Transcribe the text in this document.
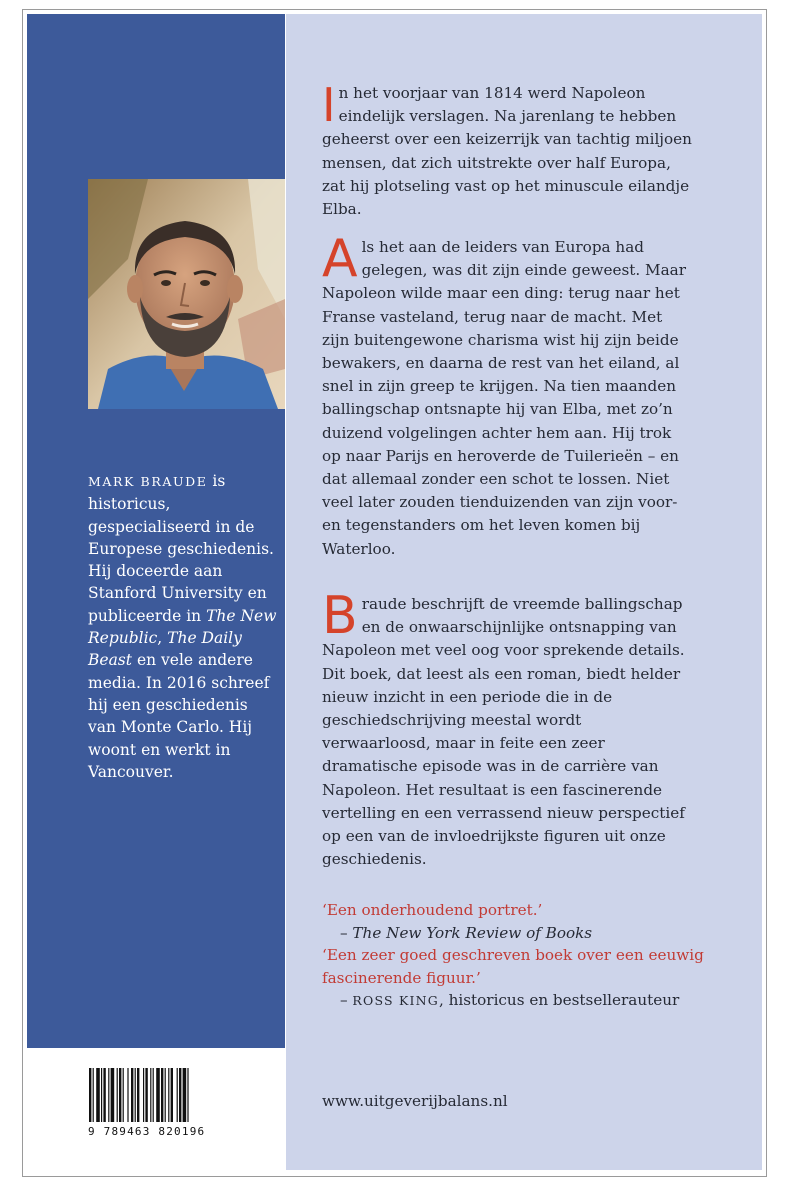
MARK BRAUDE is historicus, gespecialiseerd in de Europese geschiedenis. Hij doceerde aan Stanford University en publiceerde in The New Republic, The Daily Beast en vele andere media. In 2016 schreef hij een geschiedenis van Monte Carlo. Hij woont en werkt in Vancouver.
9 789463 820196
In het voorjaar van 1814 werd Napoleon eindelijk verslagen. Na jarenlang te hebben geheerst over een keizerrijk van tachtig miljoen mensen, dat zich uitstrekte over half Europa, zat hij plotseling vast op het minuscule eilandje Elba.
Als het aan de leiders van Europa had gelegen, was dit zijn einde geweest. Maar Napoleon wilde maar een ding: terug naar het Franse vasteland, terug naar de macht. Met zijn buitengewone charisma wist hij zijn beide bewakers, en daarna de rest van het eiland, al snel in zijn greep te krijgen. Na tien maanden ballingschap ontsnapte hij van Elba, met zo’n duizend volgelingen achter hem aan. Hij trok op naar Parijs en heroverde de Tuilerieën – en dat allemaal zonder een schot te lossen. Niet veel later zouden tienduizenden van zijn voor- en tegenstanders om het leven komen bij Waterloo.
Braude beschrijft de vreemde ballingschap en de onwaarschijnlijke ontsnapping van Napoleon met veel oog voor sprekende details. Dit boek, dat leest als een roman, biedt helder nieuw inzicht in een periode die in de geschiedschrijving meestal wordt verwaarloosd, maar in feite een zeer dramatische episode was in de carrière van Napoleon. Het resultaat is een fascinerende vertelling en een verrassend nieuw perspectief op een van de invloedrijkste figuren uit onze geschiedenis.
‘Een onderhoudend portret.’
– The New York Review of Books
‘Een zeer goed geschreven boek over een eeuwig fascinerende figuur.’
– ROSS KING, historicus en bestsellerauteur
www.uitgeverijbalans.nl
